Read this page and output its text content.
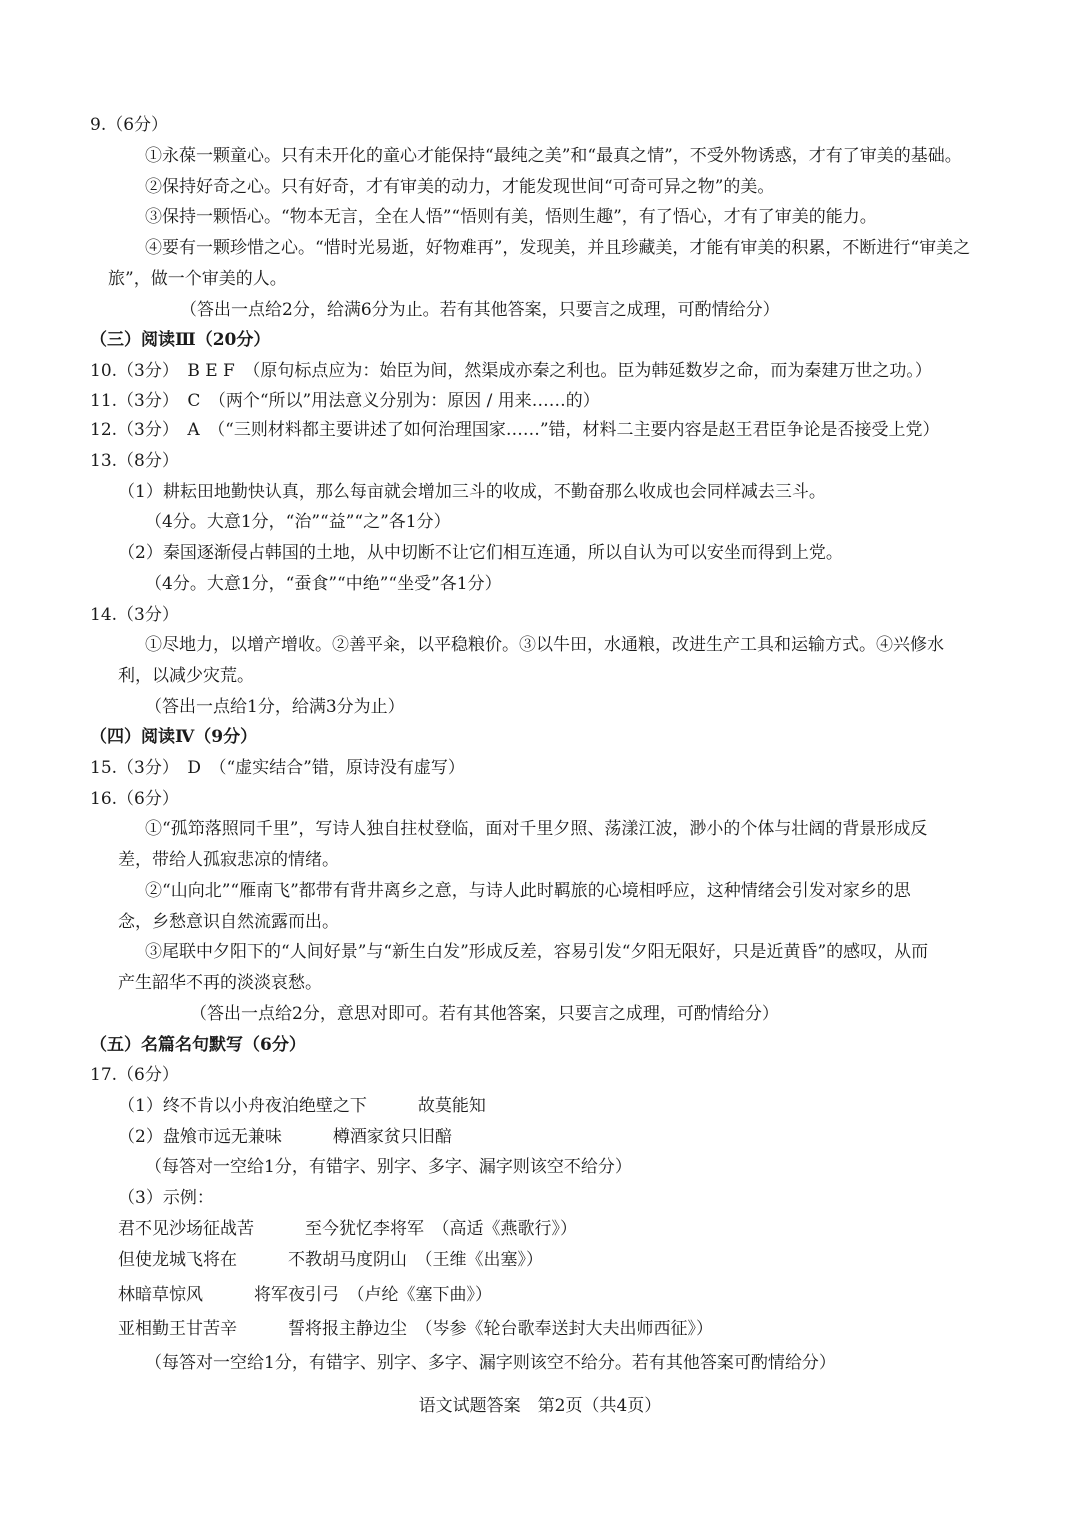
9.（6分）
①永葆一颗童心。只有未开化的童心才能保持“最纯之美”和“最真之情”，不受外物诱惑，才有了审美的基础。
②保持好奇之心。只有好奇，才有审美的动力，才能发现世间“可奇可异之物”的美。
③保持一颗悟心。“物本无言，全在人悟”“悟则有美，悟则生趣”，有了悟心，才有了审美的能力。
④要有一颗珍惜之心。“惜时光易逝，好物难再”，发现美，并且珍藏美，才能有审美的积累，不断进行“审美之
旅”，做一个审美的人。
（答出一点给2分，给满6分为止。若有其他答案，只要言之成理，可酌情给分）
（三）阅读Ⅲ（20分）
10.（3分）　B E F　（原句标点应为：始臣为间，然渠成亦秦之利也。臣为韩延数岁之命，而为秦建万世之功。）
11.（3分）　C　（两个“所以”用法意义分别为：原因 / 用来……的）
12.（3分）　A　（“三则材料都主要讲述了如何治理国家……”错，材料二主要内容是赵王君臣争论是否接受上党）
13.（8分）
（1）耕耘田地勤快认真，那么每亩就会增加三斗的收成，不勤奋那么收成也会同样减去三斗。
（4分。大意1分，“治”“益”“之”各1分）
（2）秦国逐渐侵占韩国的土地，从中切断不让它们相互连通，所以自认为可以安坐而得到上党。
（4分。大意1分，“蚕食”“中绝”“坐受”各1分）
14.（3分）
①尽地力，以增产增收。②善平籴，以平稳粮价。③以牛田，水通粮，改进生产工具和运输方式。④兴修水
利，以减少灾荒。
（答出一点给1分，给满3分为止）
（四）阅读Ⅳ（9分）
15.（3分）　D　（“虚实结合”错，原诗没有虚写）
16.（6分）
①“孤笻落照同千里”，写诗人独自拄杖登临，面对千里夕照、荡漾江波，渺小的个体与壮阔的背景形成反
差，带给人孤寂悲凉的情绪。
②“山向北”“雁南飞”都带有背井离乡之意，与诗人此时羁旅的心境相呼应，这种情绪会引发对家乡的思
念，乡愁意识自然流露而出。
③尾联中夕阳下的“人间好景”与“新生白发”形成反差，容易引发“夕阳无限好，只是近黄昏”的感叹，从而
产生韶华不再的淡淡哀愁。
（答出一点给2分，意思对即可。若有其他答案，只要言之成理，可酌情给分）
（五）名篇名句默写（6分）
17.（6分）
（1）终不肯以小舟夜泊绝壁之下　　　故莫能知
（2）盘飧市远无兼味　　　樽酒家贫只旧醅
（每答对一空给1分，有错字、别字、多字、漏字则该空不给分）
（3）示例：
君不见沙场征战苦　　　至今犹忆李将军　（高适《燕歌行》）
但使龙城飞将在　　　不教胡马度阴山　（王维《出塞》）
林暗草惊风　　　将军夜引弓　（卢纶《塞下曲》）
亚相勤王甘苦辛　　　誓将报主静边尘　（岑参《轮台歌奉送封大夫出师西征》）
（每答对一空给1分，有错字、别字、多字、漏字则该空不给分。若有其他答案可酌情给分）
语文试题答案　第2页（共4页）
